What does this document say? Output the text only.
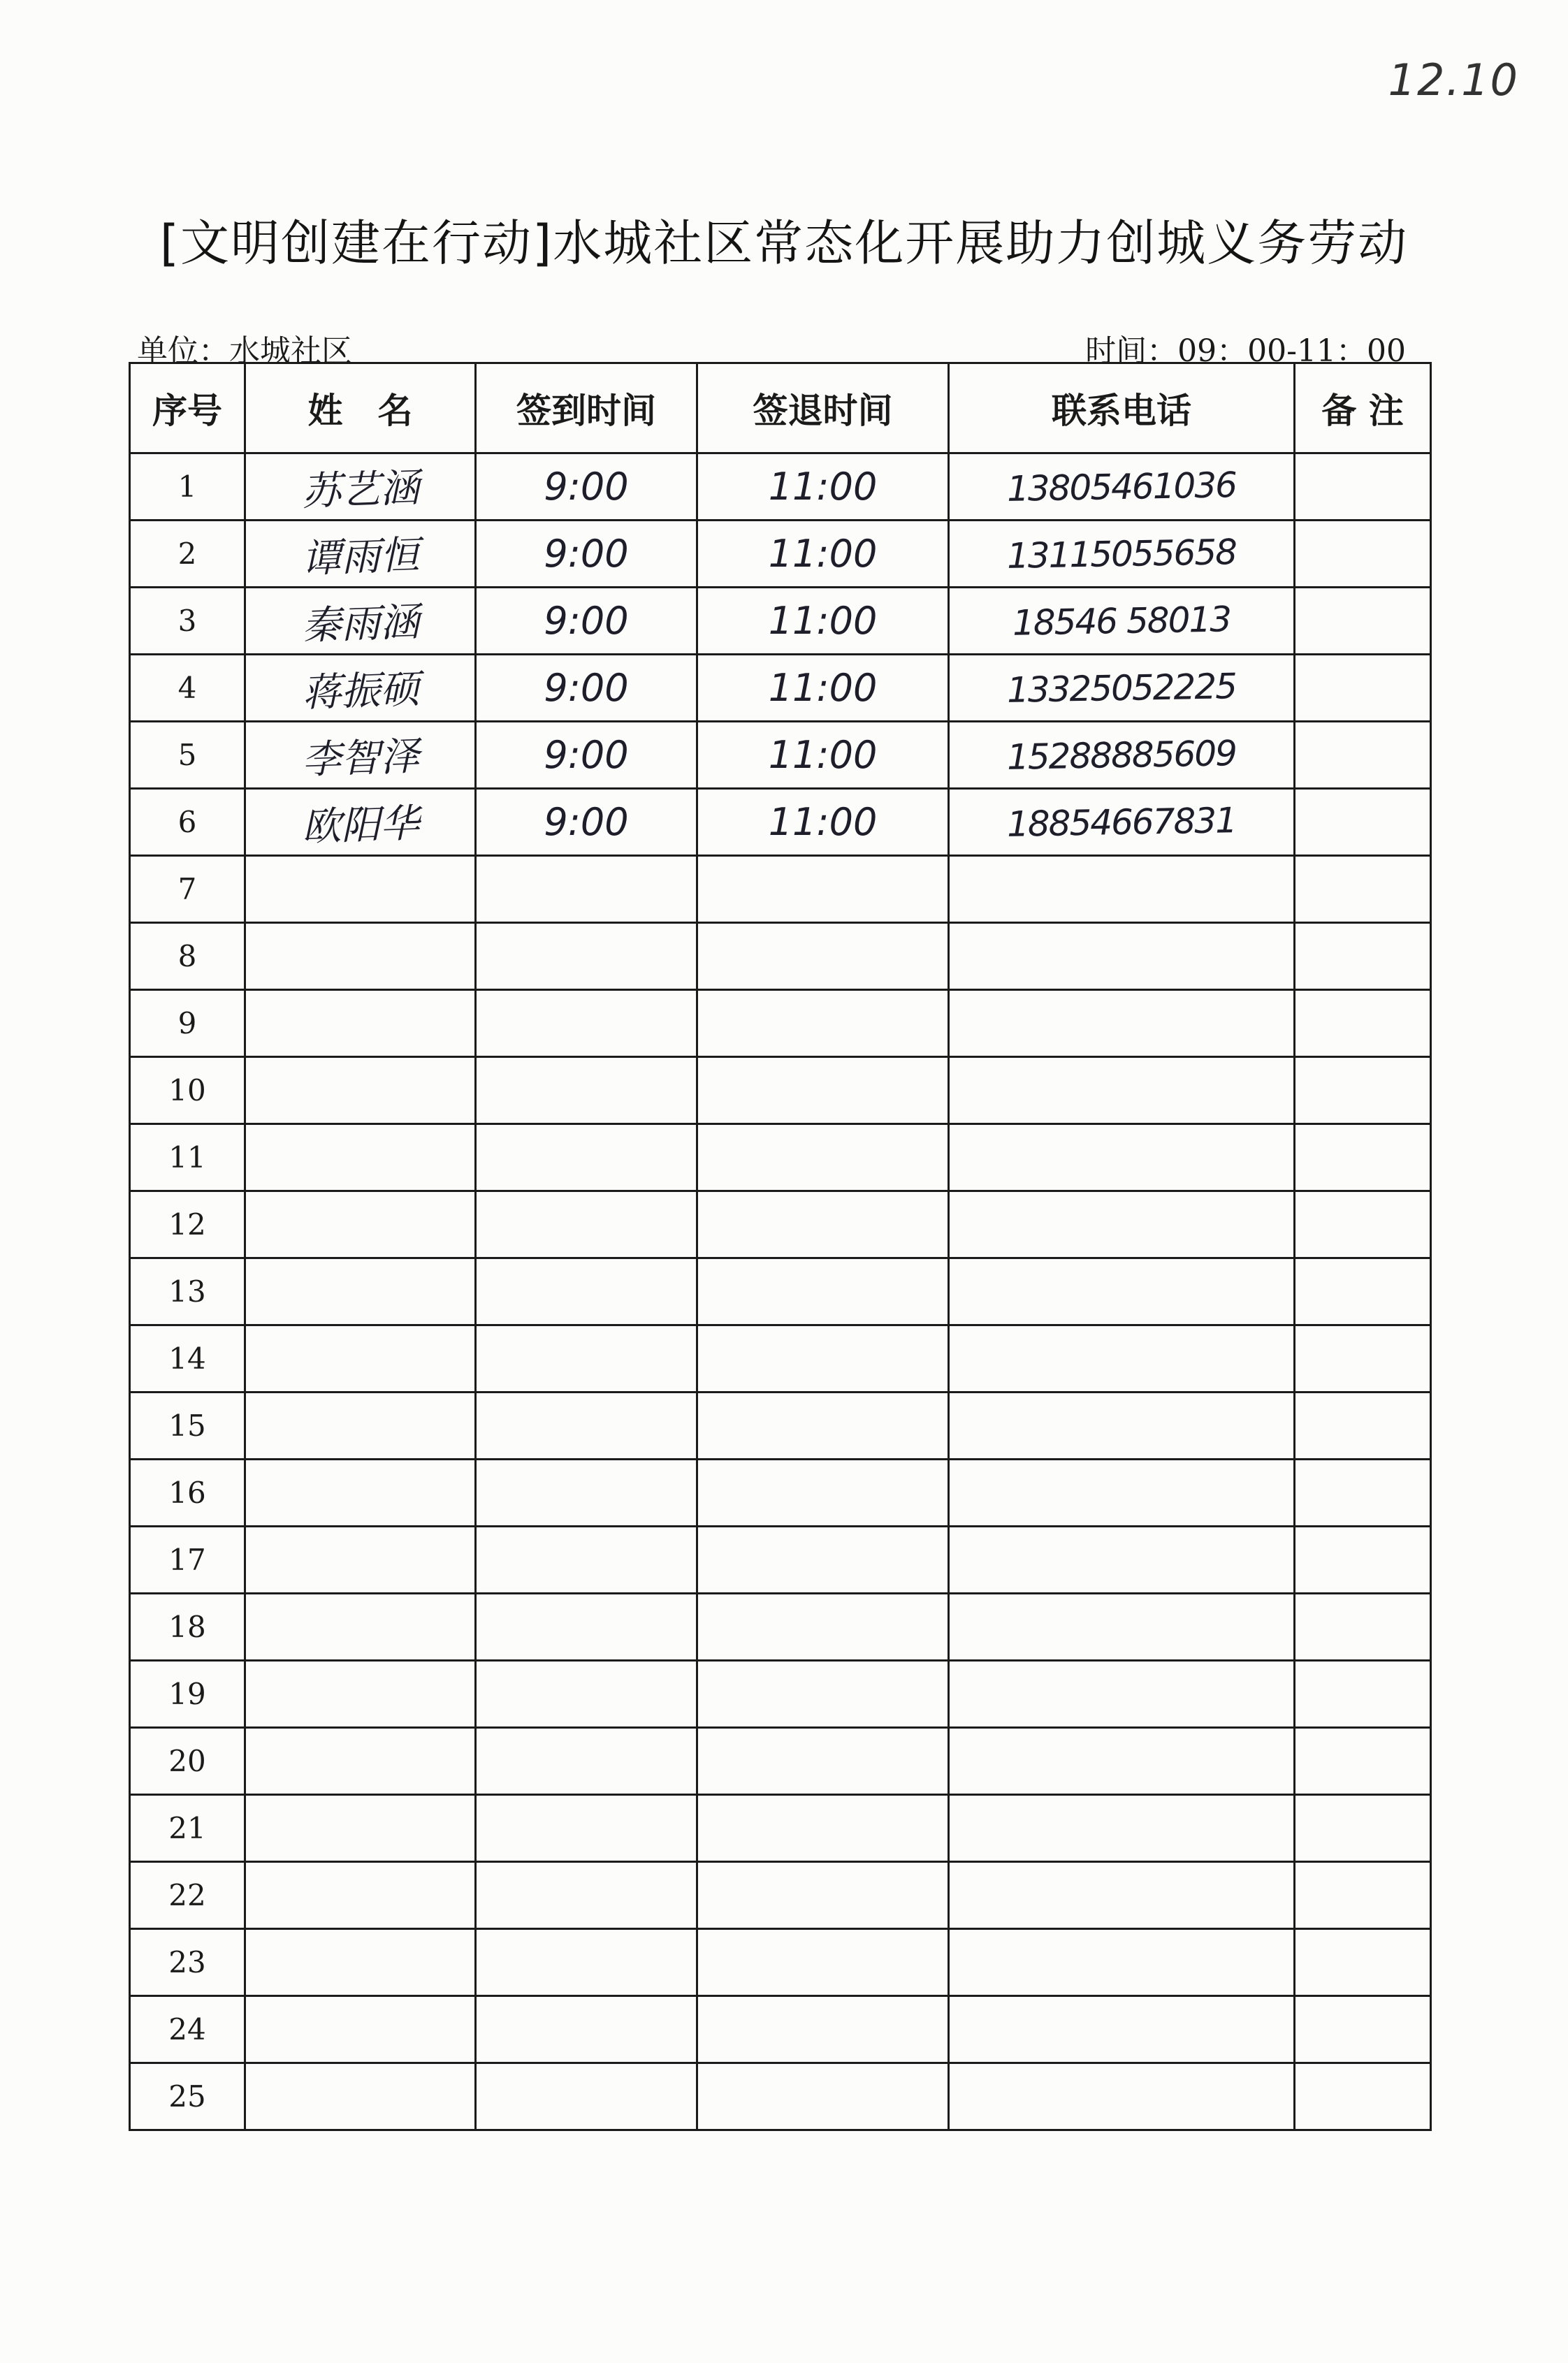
12.10
[文明创建在行动]水城社区常态化开展助力创城义务劳动
单位：水城社区	时间：09：00-11：00
序号	姓　名	签到时间	签退时间	联系电话	备 注
1	苏艺涵	9:00	11:00	13805461036	
2	谭雨恒	9:00	11:00	13115055658	
3	秦雨涵	9:00	11:00	18546 58013	
4	蒋振硕	9:00	11:00	13325052225	
5	李智泽	9:00	11:00	15288885609	
6	欧阳华	9:00	11:00	18854667831	
7					
8					
9					
10					
11					
12					
13					
14					
15					
16					
17					
18					
19					
20					
21					
22					
23					
24					
25					
